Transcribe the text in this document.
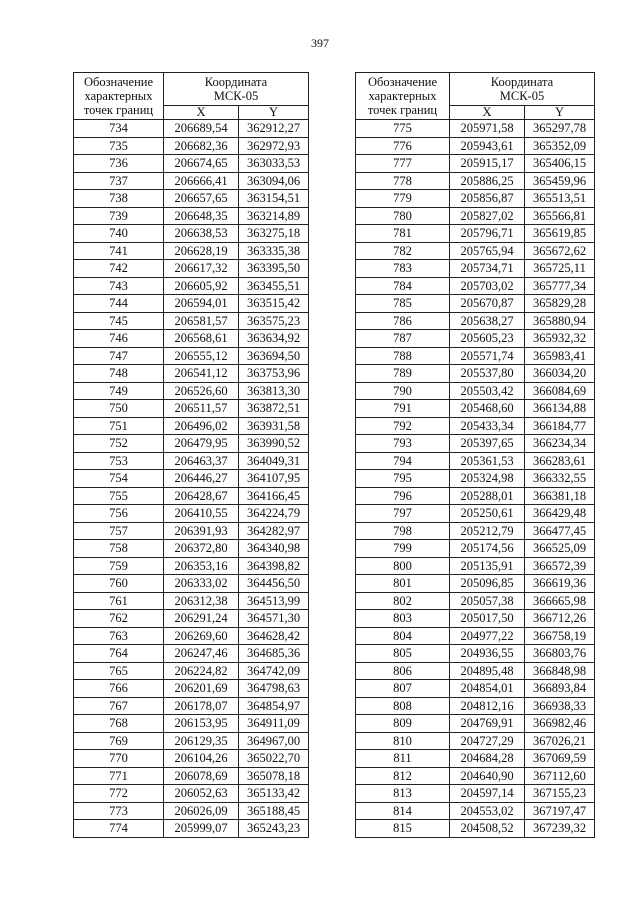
397
Обозначение
характерных
точек границ	Координата
МСК-05	

	X	Y
734	206689,54	362912,27
735	206682,36	362972,93
736	206674,65	363033,53
737	206666,41	363094,06
738	206657,65	363154,51
739	206648,35	363214,89
740	206638,53	363275,18
741	206628,19	363335,38
742	206617,32	363395,50
743	206605,92	363455,51
744	206594,01	363515,42
745	206581,57	363575,23
746	206568,61	363634,92
747	206555,12	363694,50
748	206541,12	363753,96
749	206526,60	363813,30
750	206511,57	363872,51
751	206496,02	363931,58
752	206479,95	363990,52
753	206463,37	364049,31
754	206446,27	364107,95
755	206428,67	364166,45
756	206410,55	364224,79
757	206391,93	364282,97
758	206372,80	364340,98
759	206353,16	364398,82
760	206333,02	364456,50
761	206312,38	364513,99
762	206291,24	364571,30
763	206269,60	364628,42
764	206247,46	364685,36
765	206224,82	364742,09
766	206201,69	364798,63
767	206178,07	364854,97
768	206153,95	364911,09
769	206129,35	364967,00
770	206104,26	365022,70
771	206078,69	365078,18
772	206052,63	365133,42
773	206026,09	365188,45
774	205999,07	365243,23
Обозначение
характерных
точек границ	Координата
МСК-05	

	X	Y
775	205971,58	365297,78
776	205943,61	365352,09
777	205915,17	365406,15
778	205886,25	365459,96
779	205856,87	365513,51
780	205827,02	365566,81
781	205796,71	365619,85
782	205765,94	365672,62
783	205734,71	365725,11
784	205703,02	365777,34
785	205670,87	365829,28
786	205638,27	365880,94
787	205605,23	365932,32
788	205571,74	365983,41
789	205537,80	366034,20
790	205503,42	366084,69
791	205468,60	366134,88
792	205433,34	366184,77
793	205397,65	366234,34
794	205361,53	366283,61
795	205324,98	366332,55
796	205288,01	366381,18
797	205250,61	366429,48
798	205212,79	366477,45
799	205174,56	366525,09
800	205135,91	366572,39
801	205096,85	366619,36
802	205057,38	366665,98
803	205017,50	366712,26
804	204977,22	366758,19
805	204936,55	366803,76
806	204895,48	366848,98
807	204854,01	366893,84
808	204812,16	366938,33
809	204769,91	366982,46
810	204727,29	367026,21
811	204684,28	367069,59
812	204640,90	367112,60
813	204597,14	367155,23
814	204553,02	367197,47
815	204508,52	367239,32
